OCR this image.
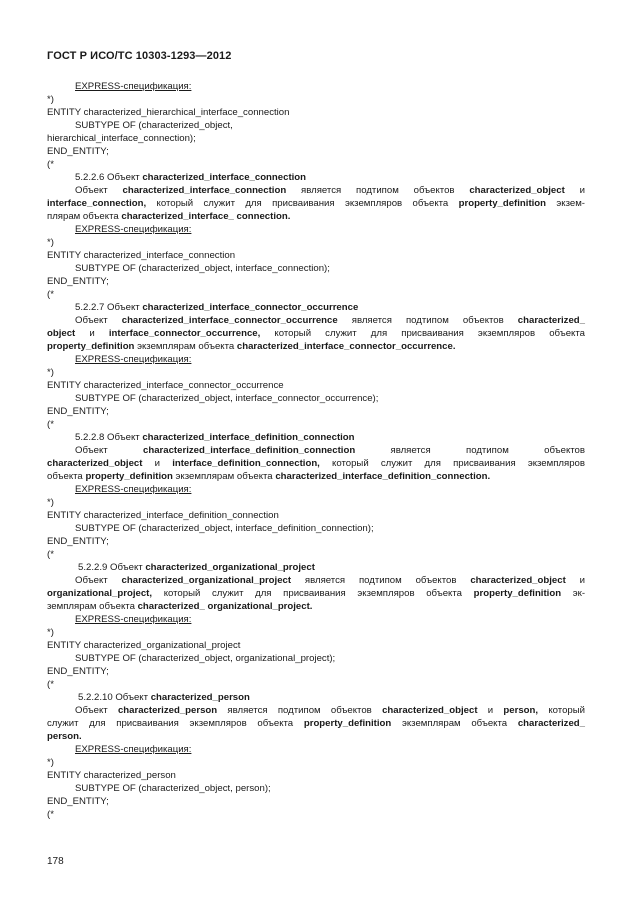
ГОСТ Р ИСО/ТС 10303-1293—2012
EXPRESS-спецификация:
*)
ENTITY characterized_hierarchical_interface_connection
SUBTYPE OF (characterized_object,
hierarchical_interface_connection);
END_ENTITY;
(*
5.2.2.6 Объект characterized_interface_connection
Объект characterized_interface_connection является подтипом объектов characterized_object и
interface_connection, который служит для присваивания экземпляров объекта property_definition экзем-
плярам объекта characterized_interface_ connection.
EXPRESS-спецификация:
*)
ENTITY characterized_interface_connection
SUBTYPE OF (characterized_object, interface_connection);
END_ENTITY;
(*
5.2.2.7 Объект characterized_interface_connector_occurrence
Объект characterized_interface_connector_occurrence является подтипом объектов characterized_
object и interface_connector_occurrence, который служит для присваивания экземпляров объекта
property_definition экземплярам объекта characterized_interface_connector_occurrence.
EXPRESS-спецификация:
*)
ENTITY characterized_interface_connector_occurrence
SUBTYPE OF (characterized_object, interface_connector_occurrence);
END_ENTITY;
(*
5.2.2.8 Объект characterized_interface_definition_connection
Объект characterized_interface_definition_connection является подтипом объектов
characterized_object и interface_definition_connection, который служит для присваивания экземпляров
объекта property_definition экземплярам объекта characterized_interface_definition_connection.
EXPRESS-спецификация:
*)
ENTITY characterized_interface_definition_connection
SUBTYPE OF (characterized_object, interface_definition_connection);
END_ENTITY;
(*
5.2.2.9 Объект characterized_organizational_project
Объект characterized_organizational_project является подтипом объектов characterized_object и
organizational_project, который служит для присваивания экземпляров объекта property_definition эк-
земплярам объекта characterized_ organizational_project.
EXPRESS-спецификация:
*)
ENTITY characterized_organizational_project
SUBTYPE OF (characterized_object, organizational_project);
END_ENTITY;
(*
5.2.2.10 Объект characterized_person
Объект characterized_person является подтипом объектов characterized_object и person, который
служит для присваивания экземпляров объекта property_definition экземплярам объекта characterized_
person.
EXPRESS-спецификация:
*)
ENTITY characterized_person
SUBTYPE OF (characterized_object, person);
END_ENTITY;
(*
178
